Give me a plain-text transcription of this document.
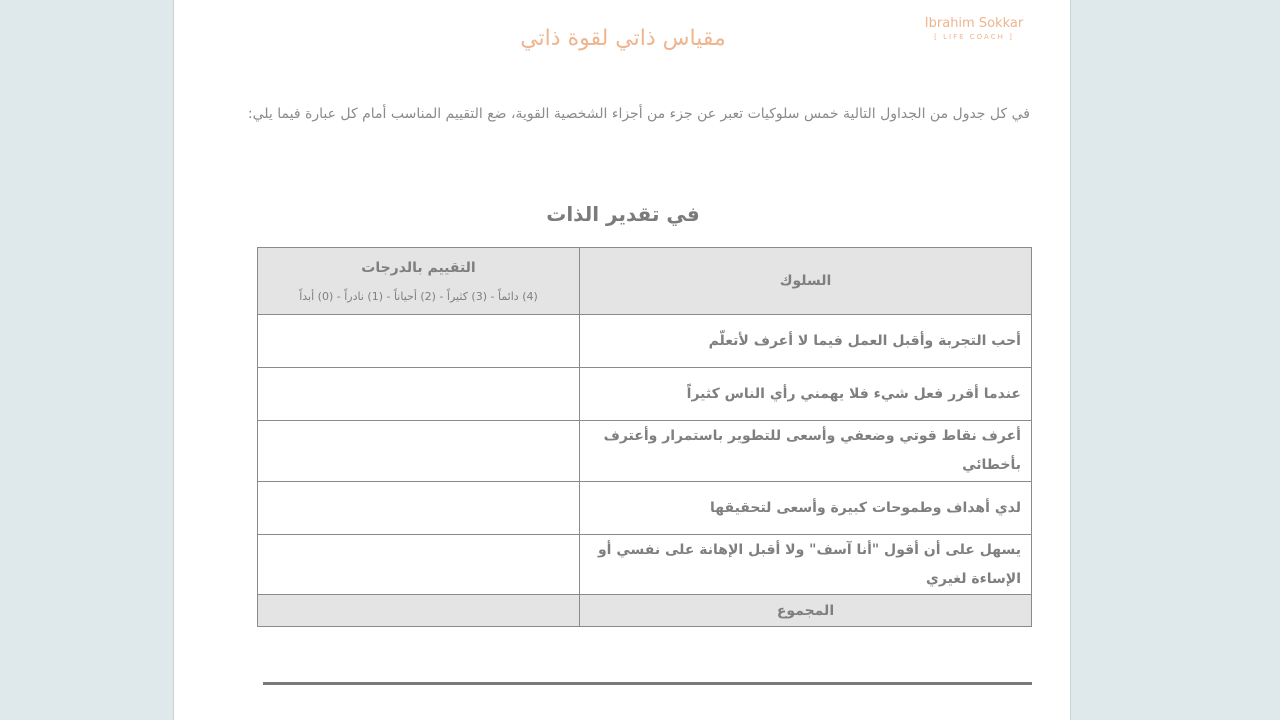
Ibrahim Sokkar
[ LIFE COACH ]
مقياس ذاتي لقوة ذاتي
في كل جدول من الجداول التالية خمس سلوكيات تعبر عن جزء من أجزاء الشخصية القوية، ضع التقييم المناسب أمام كل عبارة فيما يلي:
في تقدير الذات
السلوك	التقييم بالدرجات
(4) دائماً - (3) كثيراً - (2) أحياناً - (1) نادراً - (0) أبداً

أحب التجربة وأقبل العمل فيما لا أعرف لأتعلّم	
عندما أقرر فعل شيء فلا يهمني رأي الناس كثيراً	
أعرف نقاط قوتي وضعفي وأسعى للتطوير باستمرار وأعترف بأخطائي	
لدي أهداف وطموحات كبيرة وأسعى لتحقيقها	
يسهل على أن أقول "أنا آسف" ولا أقبل الإهانة على نفسي أو الإساءة لغيري	
المجموع	
